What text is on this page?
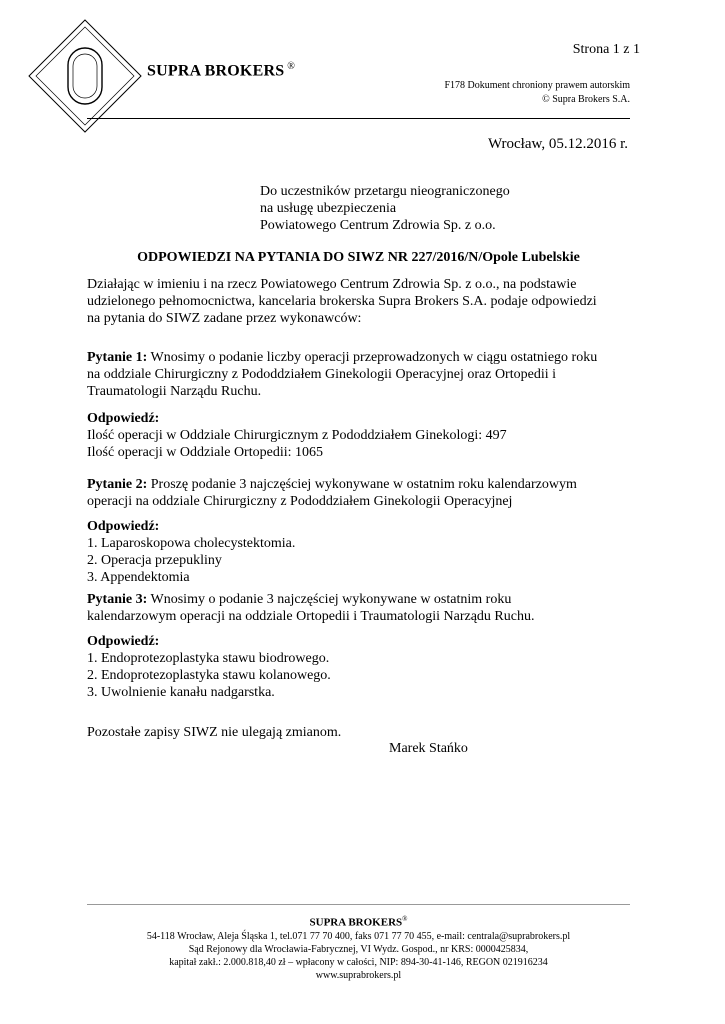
SUPRA BROKERS ®
Strona 1 z 1
F178 Dokument chroniony prawem autorskim
© Supra Brokers S.A.
Wrocław, 05.12.2016 r.
Do uczestników przetargu nieograniczonego
na usługę ubezpieczenia
Powiatowego Centrum Zdrowia Sp. z o.o.
ODPOWIEDZI NA PYTANIA DO SIWZ NR 227/2016/N/Opole Lubelskie
Działając w imieniu i na rzecz Powiatowego Centrum Zdrowia Sp. z o.o., na podstawie
udzielonego pełnomocnictwa, kancelaria brokerska Supra Brokers S.A. podaje odpowiedzi
na pytania do SIWZ zadane przez wykonawców:
Pytanie 1: Wnosimy o podanie liczby operacji przeprowadzonych w ciągu ostatniego roku
na oddziale Chirurgiczny z Pododdziałem Ginekologii Operacyjnej oraz Ortopedii i
Traumatologii Narządu Ruchu.
Odpowiedź:
Ilość operacji w Oddziale Chirurgicznym z Pododdziałem Ginekologi: 497
Ilość operacji w Oddziale Ortopedii: 1065
Pytanie 2: Proszę podanie 3 najczęściej wykonywane w ostatnim roku kalendarzowym
operacji na oddziale Chirurgiczny z Pododdziałem Ginekologii Operacyjnej
Odpowiedź:
1. Laparoskopowa cholecystektomia.
2. Operacja przepukliny
3. Appendektomia
Pytanie 3: Wnosimy o podanie 3 najczęściej wykonywane w ostatnim roku
kalendarzowym operacji na oddziale Ortopedii i Traumatologii Narządu Ruchu.
Odpowiedź:
1. Endoprotezoplastyka stawu biodrowego.
2. Endoprotezoplastyka stawu kolanowego.
3. Uwolnienie kanału nadgarstka.
Pozostałe zapisy SIWZ nie ulegają zmianom.
Marek Stańko
SUPRA BROKERS®
54-118 Wrocław, Aleja Śląska 1, tel.071 77 70 400, faks 071 77 70 455, e-mail: centrala@suprabrokers.pl
Sąd Rejonowy dla Wrocławia-Fabrycznej, VI Wydz. Gospod., nr KRS: 0000425834,
kapitał zakł.: 2.000.818,40 zł – wpłacony w całości, NIP: 894-30-41-146, REGON 021916234
www.suprabrokers.pl
